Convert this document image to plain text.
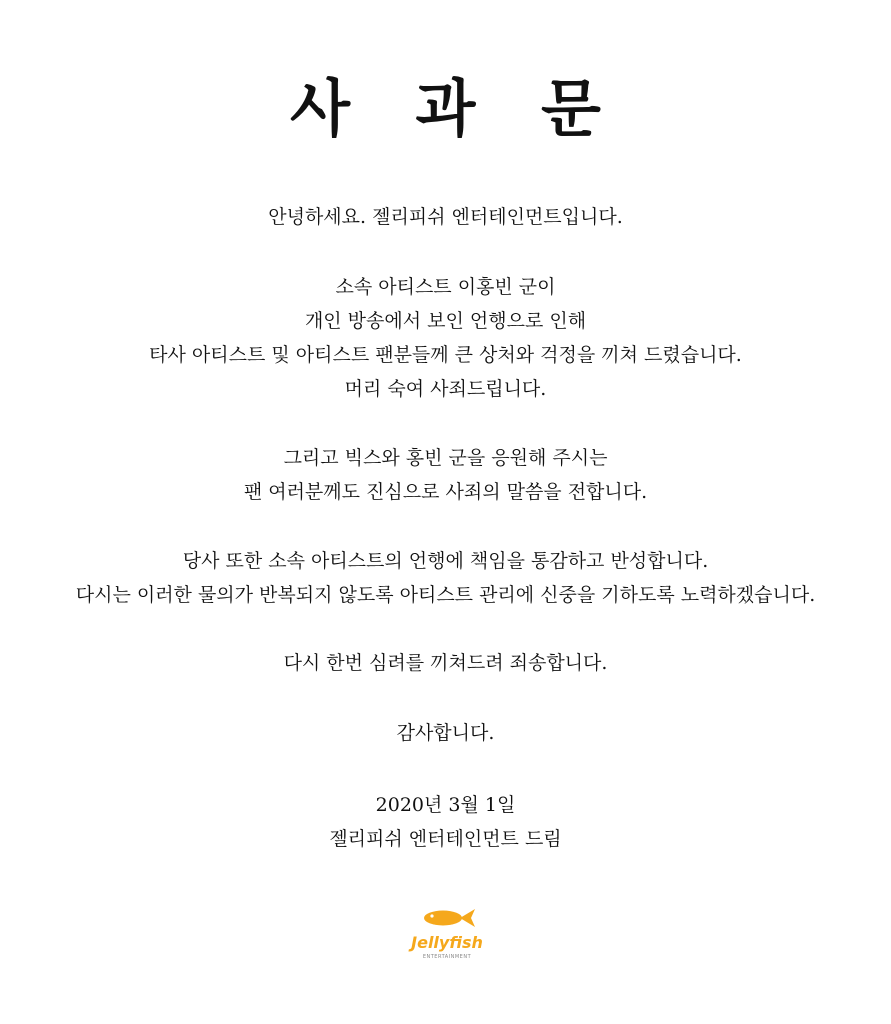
사 과 문
안녕하세요. 젤리피쉬 엔터테인먼트입니다.
소속 아티스트 이홍빈 군이
개인 방송에서 보인 언행으로 인해
타사 아티스트 및 아티스트 팬분들께 큰 상처와 걱정을 끼쳐 드렸습니다.
머리 숙여 사죄드립니다.
그리고 빅스와 홍빈 군을 응원해 주시는
팬 여러분께도 진심으로 사죄의 말씀을 전합니다.
당사 또한 소속 아티스트의 언행에 책임을 통감하고 반성합니다.
다시는 이러한 물의가 반복되지 않도록 아티스트 관리에 신중을 기하도록 노력하겠습니다.
다시 한번 심려를 끼쳐드려 죄송합니다.
감사합니다.
2020년 3월 1일
젤리피쉬 엔터테인먼트 드림
Jellyfish
ENTERTAINMENT
